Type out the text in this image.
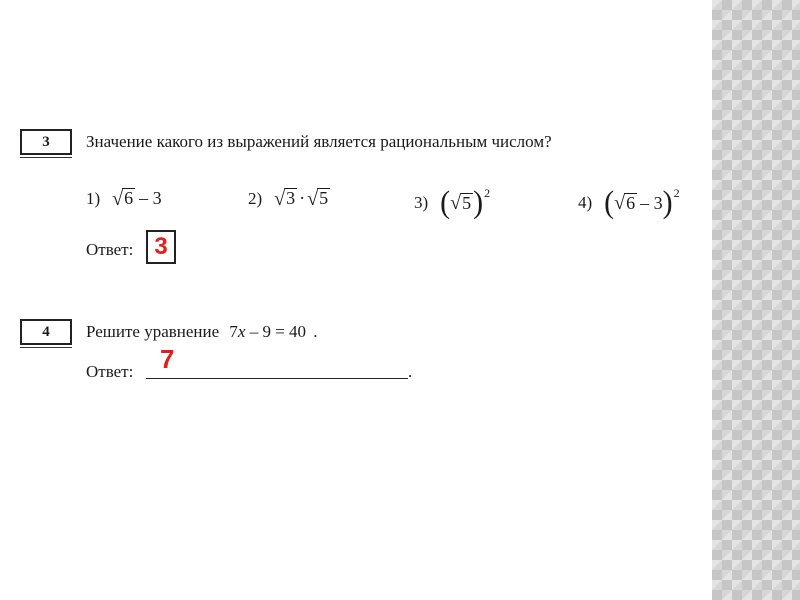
3 Значение какого из выражений является рациональным числом?
1) √ 6 – 3	2) √ 3 · √ 5	3) ( √ 5 ) 2
4) ( √ 6 – 3 ) 2
Ответ: 3
4 Решите уравнение 7 x – 9 = 40 .
Ответ: 7	.
